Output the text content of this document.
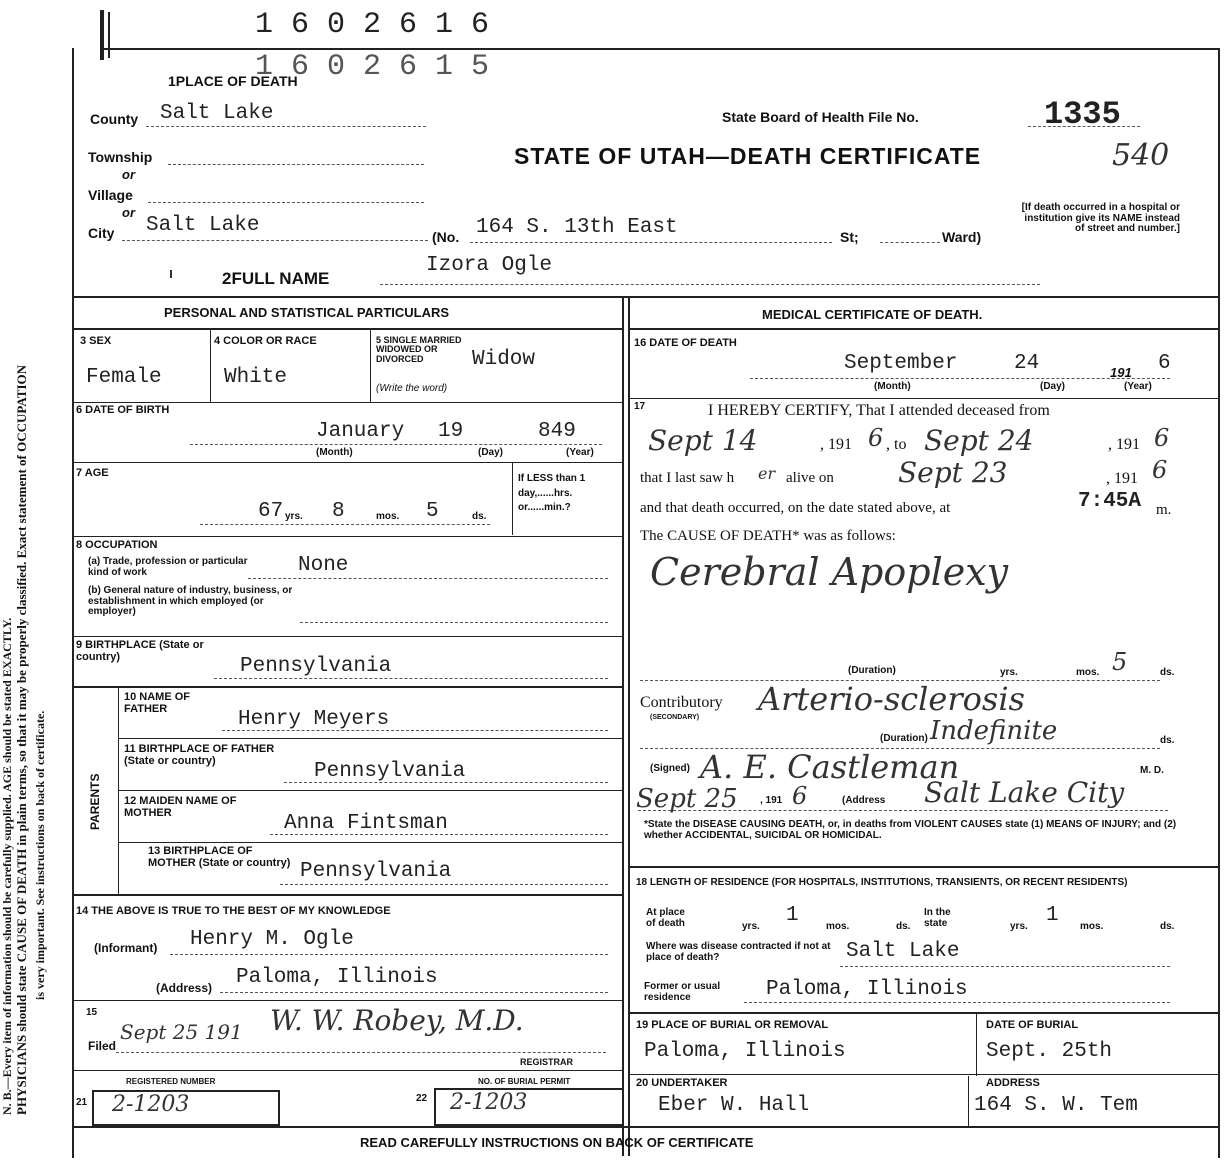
PHYSICIANS should state CAUSE OF DEATH in plain terms, so that it may be properly classified. Exact statement of OCCUPATION
N. B.—Every item of information should be carefully supplied. AGE should be stated EXACTLY. is very important. See instructions on back of certificate.
1 6 0 2 6 1 6
1 6 0 2 6 1 5
1PLACE OF DEATH
County Salt Lake
Township
or
Village
or
City Salt Lake	(No. 164 S. 13th East	St;	Ward)
[If death occurred in a hospital or institution give its NAME instead of street and number.]
State Board of Health File No.	1335
STATE OF UTAH—DEATH CERTIFICATE	540
2FULL NAME
Izora Ogle
PERSONAL AND STATISTICAL PARTICULARS
3 SEX
Female
4 COLOR OR RACE
White
5 SINGLE MARRIED WIDOWED OR DIVORCED
(Write the word)
Widow
6 DATE OF BIRTH
January 19	849
(Month)	(Day)	(Year)
7 AGE
67 yrs. 8	mos. 5	ds.
If LESS than 1 day,......hrs. or......min.?
8 OCCUPATION
(a) Trade, profession or particular kind of work	None
(b) General nature of industry, business, or establishment in which employed (or employer)
9 BIRTHPLACE (State or country)	Pennsylvania
PARENTS
10 NAME OF FATHER	Henry Meyers
11 BIRTHPLACE OF FATHER (State or country)	Pennsylvania
12 MAIDEN NAME OF MOTHER	Anna Fintsman
13 BIRTHPLACE OF MOTHER (State or country) Pennsylvania
14 THE ABOVE IS TRUE TO THE BEST OF MY KNOWLEDGE
(Informant) Henry M. Ogle
(Address) Paloma, Illinois
15
Filed
Sept 25 191 W. W. Robey, M.D.
REGISTRAR
REGISTERED NUMBER
21 2-1203
NO. OF BURIAL PERMIT
22 2-1203
MEDICAL CERTIFICATE OF DEATH.
16 DATE OF DEATH
September	24	191 6
(Month)	(Day)	(Year)
17	I HEREBY CERTIFY, That I attended deceased from
Sept 14	, 191 6 , to Sept 24	, 191 6
that I last saw h er alive on Sept 23	, 191 6
and that death occurred, on the date stated above, at	7:45A m.
The CAUSE OF DEATH* was as follows:
Cerebral Apoplexy
(Duration)	yrs.	mos. 5	ds.
Contributory
(SECONDARY) Arterio-sclerosis
(Duration) Indefinite	ds.
(Signed) A. E. Castleman	M. D.
Sept 25 , 191 6	(Address Salt Lake City
*State the DISEASE CAUSING DEATH, or, in deaths from VIOLENT CAUSES state (1) MEANS OF INJURY; and (2) whether ACCIDENTAL, SUICIDAL OR HOMICIDAL.
18 LENGTH OF RESIDENCE (FOR HOSPITALS, INSTITUTIONS, TRANSIENTS, OR RECENT RESIDENTS)
At place of death	1
yrs.	mos.	ds.
In the state	1
yrs.	mos.	ds.
Where was disease contracted if not at place of death?	Salt Lake
Former or usual residence	Paloma, Illinois
19 PLACE OF BURIAL OR REMOVAL
Paloma, Illinois
DATE OF BURIAL
Sept. 25th
20 UNDERTAKER
Eber W. Hall
ADDRESS
164 S. W. Tem
READ CAREFULLY INSTRUCTIONS ON BACK OF CERTIFICATE
